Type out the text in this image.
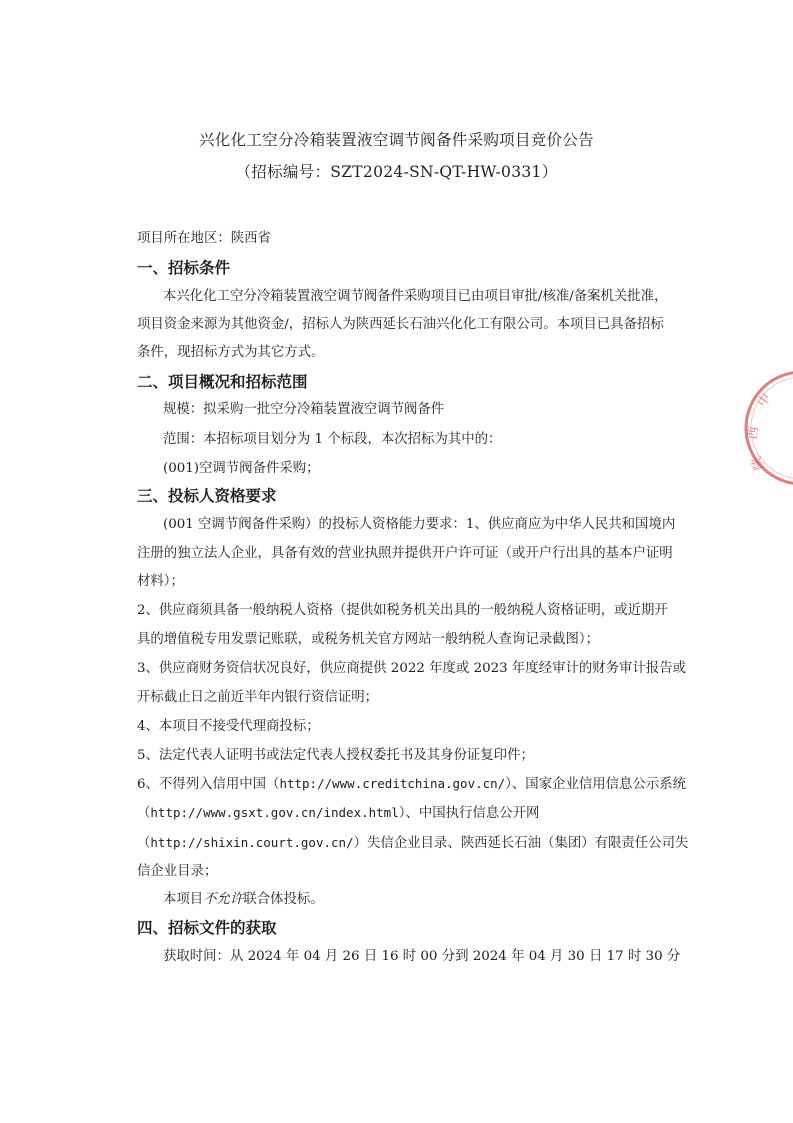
兴化化工空分冷箱装置液空调节阀备件采购项目竞价公告
（招标编号：SZT2024-SN-QT-HW-0331）
项目所在地区：陕西省
一、招标条件
本兴化化工空分冷箱装置液空调节阀备件采购项目已由项目审批/核准/备案机关批准，
项目资金来源为其他资金/，招标人为陕西延长石油兴化化工有限公司。本项目已具备招标
条件，现招标方式为其它方式。
二、项目概况和招标范围
规模：拟采购一批空分冷箱装置液空调节阀备件
范围：本招标项目划分为 1 个标段，本次招标为其中的：
(001)空调节阀备件采购；
三、投标人资格要求
(001 空调节阀备件采购）的投标人资格能力要求：1、供应商应为中华人民共和国境内
注册的独立法人企业，具备有效的营业执照并提供开户许可证（或开户行出具的基本户证明
材料）；
2、供应商须具备一般纳税人资格（提供如税务机关出具的一般纳税人资格证明，或近期开
具的增值税专用发票记账联，或税务机关官方网站一般纳税人查询记录截图）；
3、供应商财务资信状况良好，供应商提供 2022 年度或 2023 年度经审计的财务审计报告或
开标截止日之前近半年内银行资信证明；
4、本项目不接受代理商投标；
5、法定代表人证明书或法定代表人授权委托书及其身份证复印件；
6、不得列入信用中国（http://www.creditchina.gov.cn/）、国家企业信用信息公示系统
（http://www.gsxt.gov.cn/index.html）、中国执行信息公开网
（http://shixin.court.gov.cn/）失信企业目录、陕西延长石油（集团）有限责任公司失
信企业目录；
本项目不允许联合体投标。
四、招标文件的获取
获取时间：从 2024 年 04 月 26 日 16 时 00 分到 2024 年 04 月 30 日 17 时 30 分
中
西
陕
